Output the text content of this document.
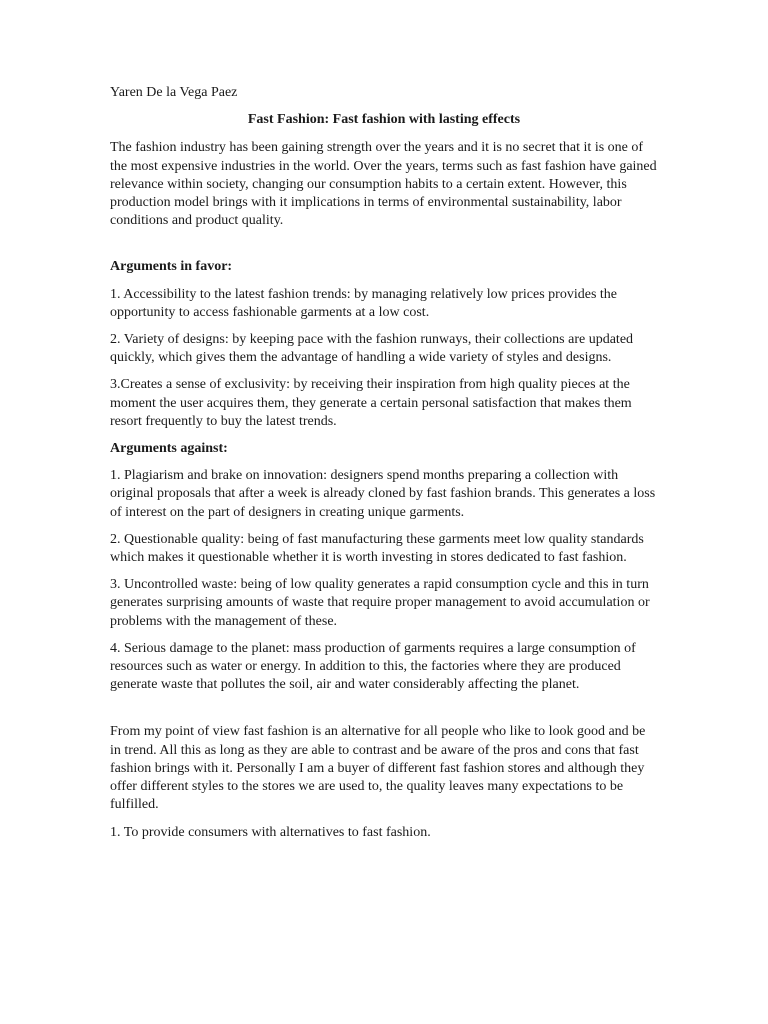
Yaren De la Vega Paez

Fast Fashion: Fast fashion with lasting effects

The fashion industry has been gaining strength over the years and it is no secret that it is one of the most expensive industries in the world. Over the years, terms such as fast fashion have gained relevance within society, changing our consumption habits to a certain extent. However, this production model brings with it implications in terms of environmental sustainability, labor conditions and product quality.

Arguments in favor:

1. Accessibility to the latest fashion trends: by managing relatively low prices provides the opportunity to access fashionable garments at a low cost.

2. Variety of designs: by keeping pace with the fashion runways, their collections are updated quickly, which gives them the advantage of handling a wide variety of styles and designs.

3.Creates a sense of exclusivity: by receiving their inspiration from high quality pieces at the moment the user acquires them, they generate a certain personal satisfaction that makes them resort frequently to buy the latest trends.

Arguments against:

1. Plagiarism and brake on innovation: designers spend months preparing a collection with original proposals that after a week is already cloned by fast fashion brands. This generates a loss of interest on the part of designers in creating unique garments.

2. Questionable quality: being of fast manufacturing these garments meet low quality standards which makes it questionable whether it is worth investing in stores dedicated to fast fashion.

3. Uncontrolled waste: being of low quality generates a rapid consumption cycle and this in turn generates surprising amounts of waste that require proper management to avoid accumulation or problems with the management of these.

4. Serious damage to the planet: mass production of garments requires a large consumption of resources such as water or energy. In addition to this, the factories where they are produced generate waste that pollutes the soil, air and water considerably affecting the planet.

From my point of view fast fashion is an alternative for all people who like to look good and be in trend. All this as long as they are able to contrast and be aware of the pros and cons that fast fashion brings with it. Personally I am a buyer of different fast fashion stores and although they offer different styles to the stores we are used to, the quality leaves many expectations to be fulfilled.

1. To provide consumers with alternatives to fast fashion.
